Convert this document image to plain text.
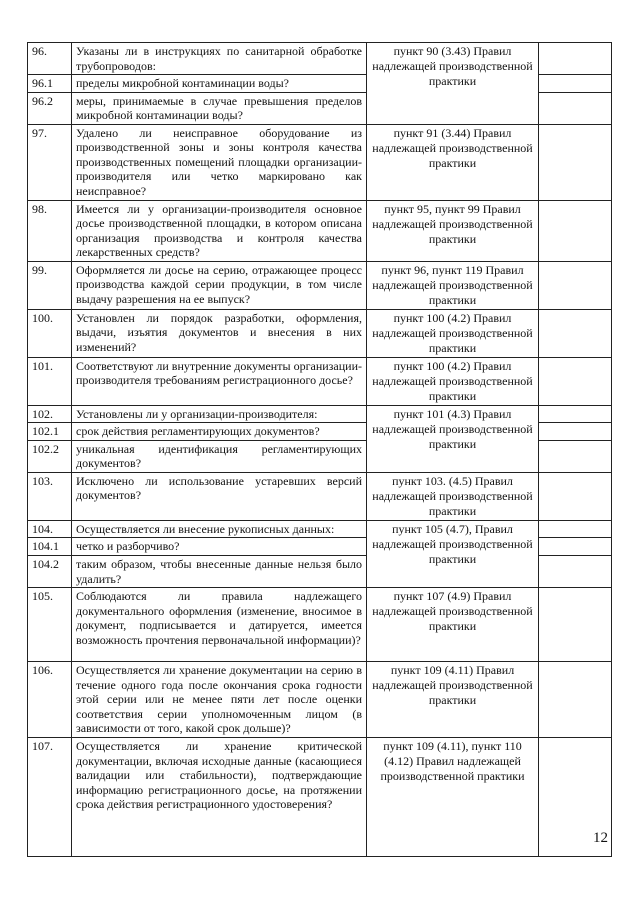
96.	Указаны ли в инструкциях по санитарной обработке трубопроводов:	пункт 90 (3.43) Правил надлежащей производственной практики	
96.1	пределы микробной контаминации воды?		
96.2	меры, принимаемые в случае превышения пределов микробной контаминации воды?		
97.	Удалено ли неисправное оборудование из производственной зоны и зоны контроля качества производственных помещений площадки организации-производителя или четко маркировано как неисправное?	пункт 91 (3.44) Правил надлежащей производственной практики	
98.	Имеется ли у организации-производителя основное досье производственной площадки, в котором описана организация производства и контроля качества лекарственных средств?	пункт 95, пункт 99 Правил надлежащей производственной практики	
99.	Оформляется ли досье на серию, отражающее процесс производства каждой серии продукции, в том числе выдачу разрешения на ее выпуск?	пункт 96, пункт 119 Правил надлежащей производственной практики	
100.	Установлен ли порядок разработки, оформления, выдачи, изъятия документов и внесения в них изменений?	пункт 100 (4.2) Правил надлежащей производственной практики	
101.	Соответствуют ли внутренние документы организации-производителя требованиям регистрационного досье?	пункт 100 (4.2) Правил надлежащей производственной практики	
102.	Установлены ли у организации-производителя:	пункт 101 (4.3) Правил надлежащей производственной практики	
102.1	срок действия регламентирующих документов?		
102.2	уникальная идентификация регламентирующих документов?		
103.	Исключено ли использование устаревших версий документов?	пункт 103. (4.5) Правил надлежащей производственной практики	
104.	Осуществляется ли внесение рукописных данных:	пункт 105 (4.7), Правил надлежащей производственной практики	
104.1	четко и разборчиво?		
104.2	таким образом, чтобы внесенные данные нельзя было удалить?		
105.	Соблюдаются ли правила надлежащего документального оформления (изменение, вносимое в документ, подписывается и датируется, имеется возможность прочтения первоначальной информации)?	пункт 107 (4.9) Правил надлежащей производственной практики	
106.	Осуществляется ли хранение документации на серию в течение одного года после окончания срока годности этой серии или не менее пяти лет после оценки соответствия серии уполномоченным лицом (в зависимости от того, какой срок дольше)?	пункт 109 (4.11) Правил надлежащей производственной практики	
107.	Осуществляется ли хранение критической документации, включая исходные данные (касающиеся валидации или стабильности), подтверждающие информацию регистрационного досье, на протяжении срока действия регистрационного удостоверения?	пункт 109 (4.11), пункт 110 (4.12) Правил надлежащей производственной практики	
12
